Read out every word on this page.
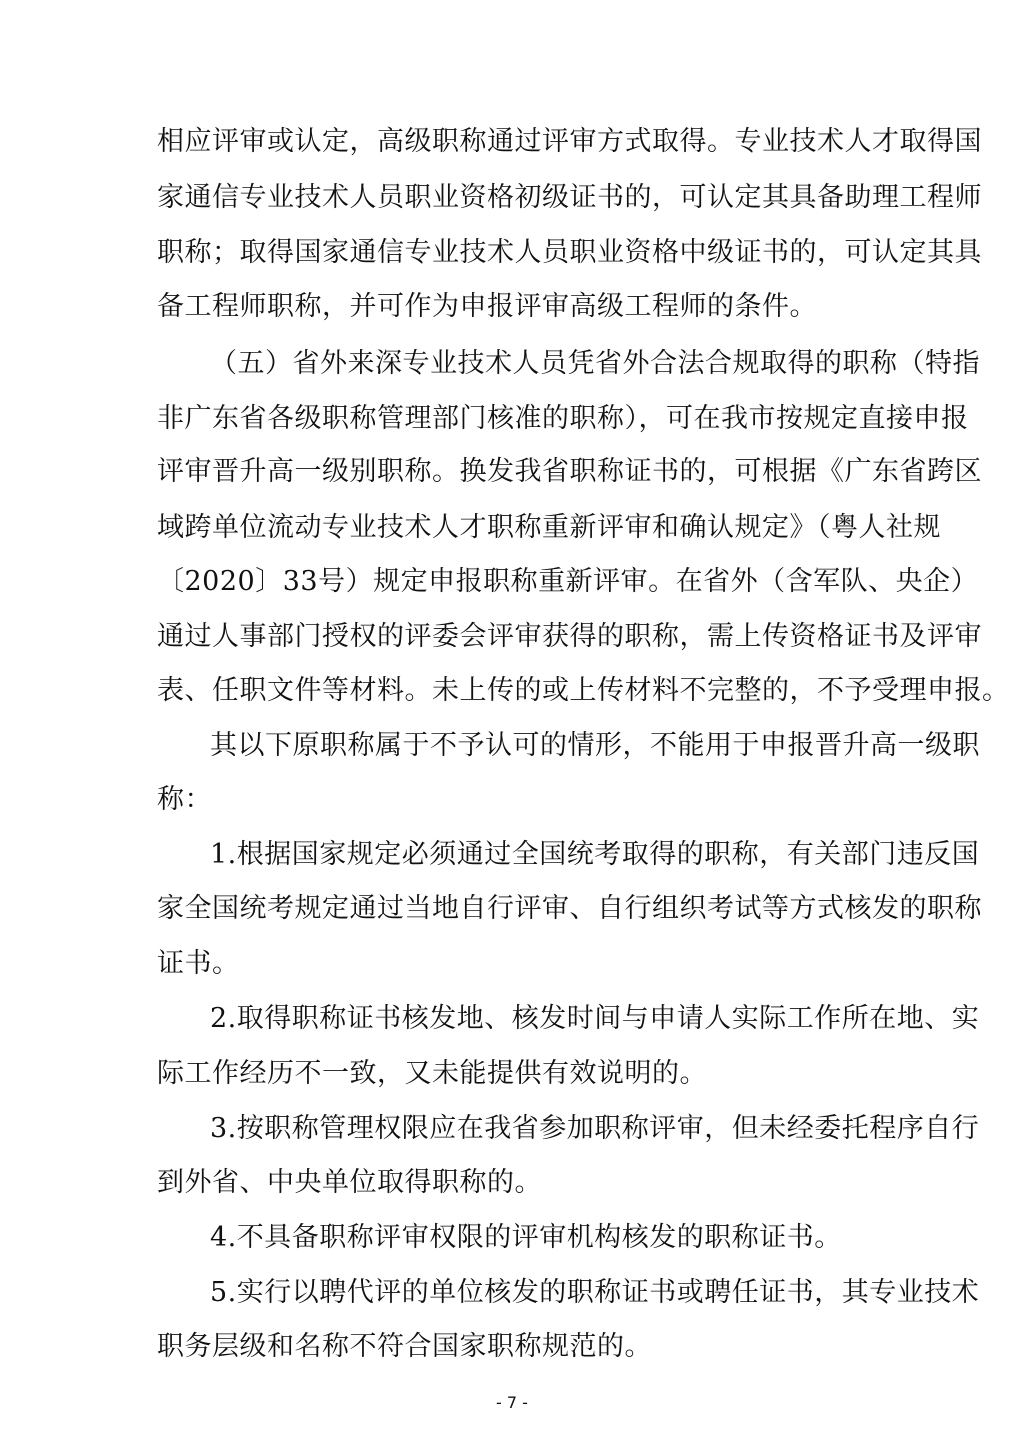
相应评审或认定，高级职称通过评审方式取得。专业技术人才取得国
家通信专业技术人员职业资格初级证书的，可认定其具备助理工程师
职称；取得国家通信专业技术人员职业资格中级证书的，可认定其具
备工程师职称，并可作为申报评审高级工程师的条件。
（五）省外来深专业技术人员凭省外合法合规取得的职称（特指
非广东省各级职称管理部门核准的职称），可在我市按规定直接申报
评审晋升高一级别职称。换发我省职称证书的，可根据《广东省跨区
域跨单位流动专业技术人才职称重新评审和确认规定》（粤人社规
〔2020〕33号）规定申报职称重新评审。在省外（含军队、央企）
通过人事部门授权的评委会评审获得的职称，需上传资格证书及评审
表、任职文件等材料。未上传的或上传材料不完整的，不予受理申报。
其以下原职称属于不予认可的情形，不能用于申报晋升高一级职
称：
1.根据国家规定必须通过全国统考取得的职称，有关部门违反国
家全国统考规定通过当地自行评审、自行组织考试等方式核发的职称
证书。
2.取得职称证书核发地、核发时间与申请人实际工作所在地、实
际工作经历不一致，又未能提供有效说明的。
3.按职称管理权限应在我省参加职称评审，但未经委托程序自行
到外省、中央单位取得职称的。
4.不具备职称评审权限的评审机构核发的职称证书。
5.实行以聘代评的单位核发的职称证书或聘任证书，其专业技术
职务层级和名称不符合国家职称规范的。
- 7 -
